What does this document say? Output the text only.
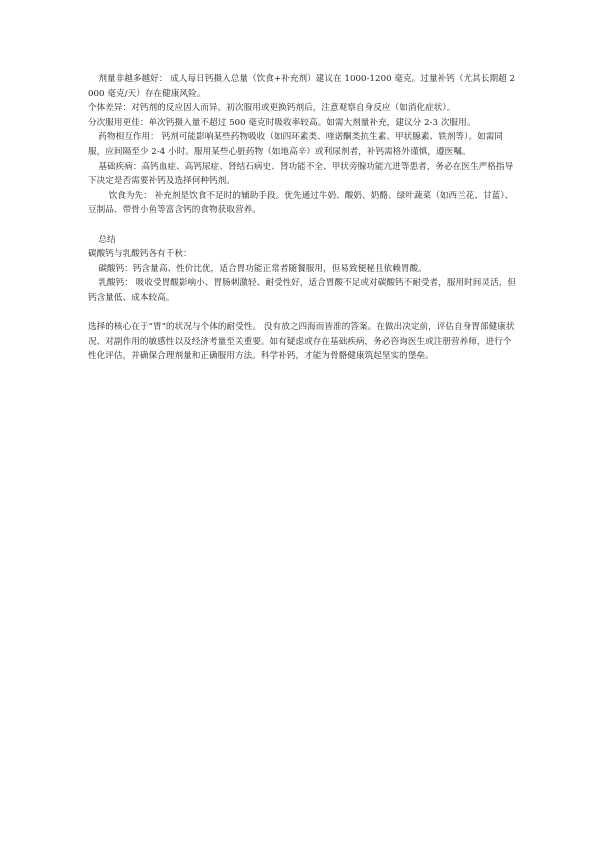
剂量非越多越好： 成人每日钙摄入总量（饮食+补充剂）建议在 1000-1200 毫克。过量补钙（尤其长期超 2000 毫克/天）存在健康风险。

个体差异：对钙剂的反应因人而异。初次服用或更换钙剂后，注意观察自身反应（如消化症状）。

分次服用更佳：单次钙摄入量不超过 500 毫克时吸收率较高。如需大剂量补充，建议分 2-3 次服用。

药物相互作用： 钙剂可能影响某些药物吸收（如四环素类、喹诺酮类抗生素、甲状腺素、铁剂等）。如需同服，应间隔至少 2-4 小时。服用某些心脏药物（如地高辛）或利尿剂者，补钙需格外谨慎，遵医嘱。

基础疾病：高钙血症、高钙尿症、肾结石病史、肾功能不全、甲状旁腺功能亢进等患者，务必在医生严格指导下决定是否需要补钙及选择何种钙剂。

饮食为先： 补充剂是饮食不足时的辅助手段。优先通过牛奶、酸奶、奶酪、绿叶蔬菜（如西兰花、甘蓝）、豆制品、带骨小鱼等富含钙的食物获取营养。

总结

碳酸钙与乳酸钙各有千秋：

碳酸钙：钙含量高、性价比优，适合胃功能正常者随餐服用，但易致便秘且依赖胃酸。

乳酸钙： 吸收受胃酸影响小、胃肠刺激轻、耐受性好，适合胃酸不足或对碳酸钙不耐受者，服用时间灵活，但钙含量低、成本较高。

选择的核心在于“胃”的状况与个体的耐受性。 没有放之四海而皆准的答案。在做出决定前，评估自身胃部健康状况、对副作用的敏感性以及经济考量至关重要。如有疑虑或存在基础疾病，务必咨询医生或注册营养师，进行个性化评估，并确保合理剂量和正确服用方法。科学补钙，才能为骨骼健康筑起坚实的堡垒。
